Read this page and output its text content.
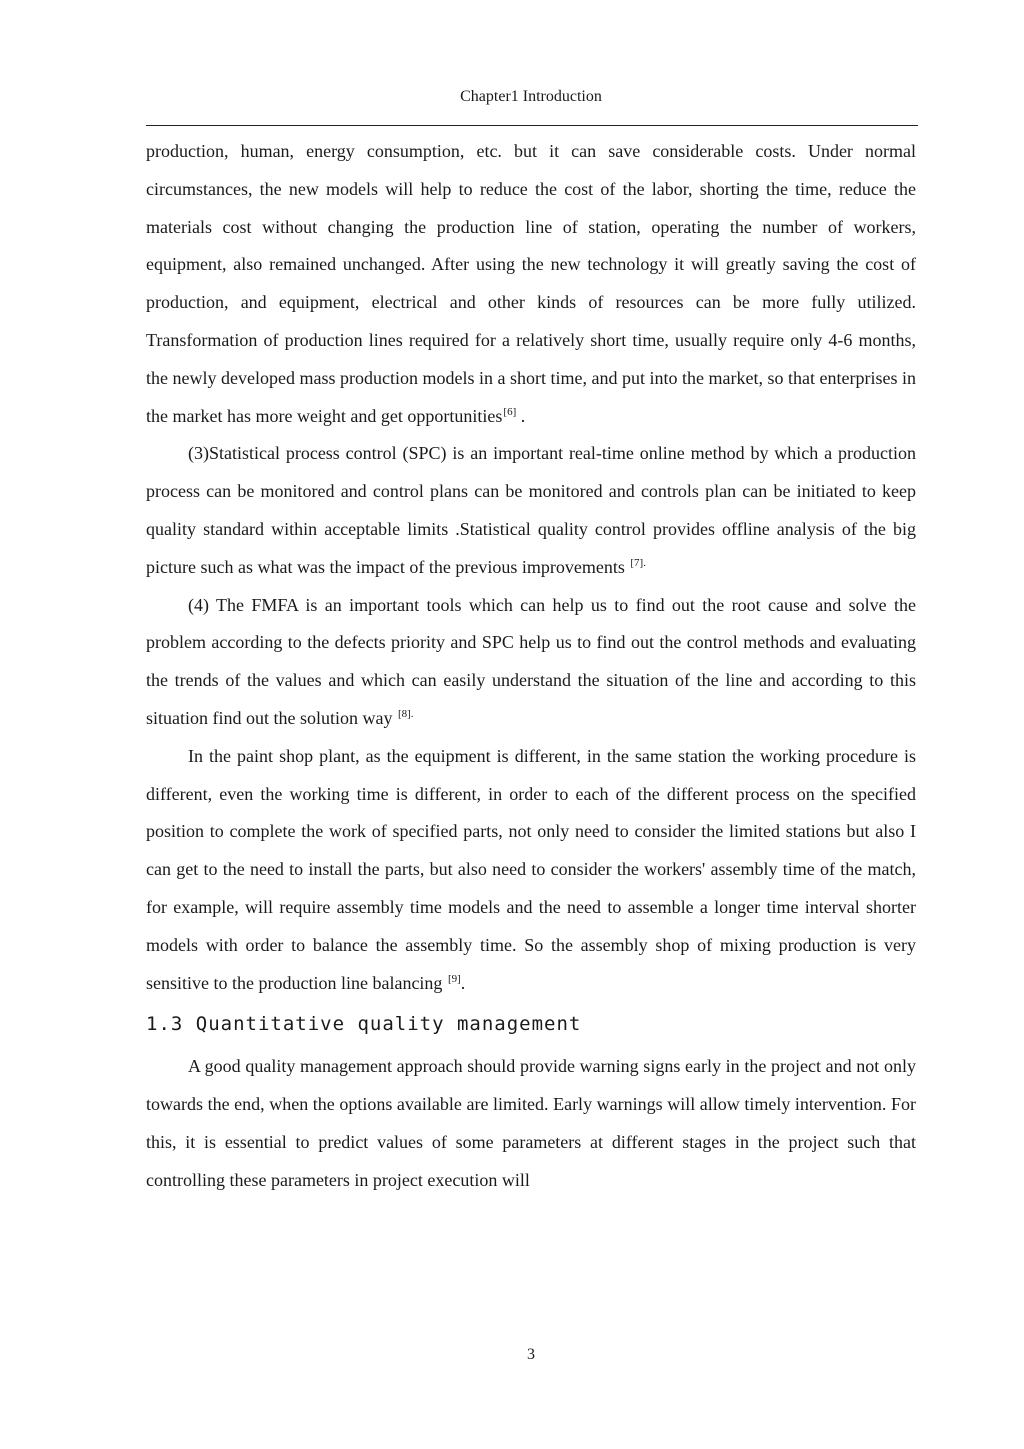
Chapter1 Introduction

production, human, energy consumption, etc. but it can save considerable costs. Under normal circumstances, the new models will help to reduce the cost of the labor, shorting the time, reduce the materials cost without changing the production line of station, operating the number of workers, equipment, also remained unchanged. After using the new technology it will greatly saving the cost of production, and equipment, electrical and other kinds of resources can be more fully utilized. Transformation of production lines required for a relatively short time, usually require only 4-6 months, the newly developed mass production models in a short time, and put into the market, so that enterprises in the market has more weight and get opportunities[6] .

(3)Statistical process control (SPC) is an important real-time online method by which a production process can be monitored and control plans can be monitored and controls plan can be initiated to keep quality standard within acceptable limits .Statistical quality control provides offline analysis of the big picture such as what was the impact of the previous improvements $^{[7].}$

(4) The FMFA is an important tools which can help us to find out the root cause and solve the problem according to the defects priority and SPC help us to find out the control methods and evaluating the trends of the values and which can easily understand the situation of the line and according to this situation find out the solution way $^{[8].}$

In the paint shop plant, as the equipment is different, in the same station the working procedure is different, even the working time is different, in order to each of the different process on the specified position to complete the work of specified parts, not only need to consider the limited stations but also I can get to the need to install the parts, but also need to consider the workers' assembly time of the match, for example, will require assembly time models and the need to assemble a longer time interval shorter models with order to balance the assembly time. So the assembly shop of mixing production is very sensitive to the production line balancing [9].

1.3 Quantitative quality management

A good quality management approach should provide warning signs early in the project and not only towards the end, when the options available are limited. Early warnings will allow timely intervention. For this, it is essential to predict values of some parameters at different stages in the project such that controlling these parameters in project execution will

3
